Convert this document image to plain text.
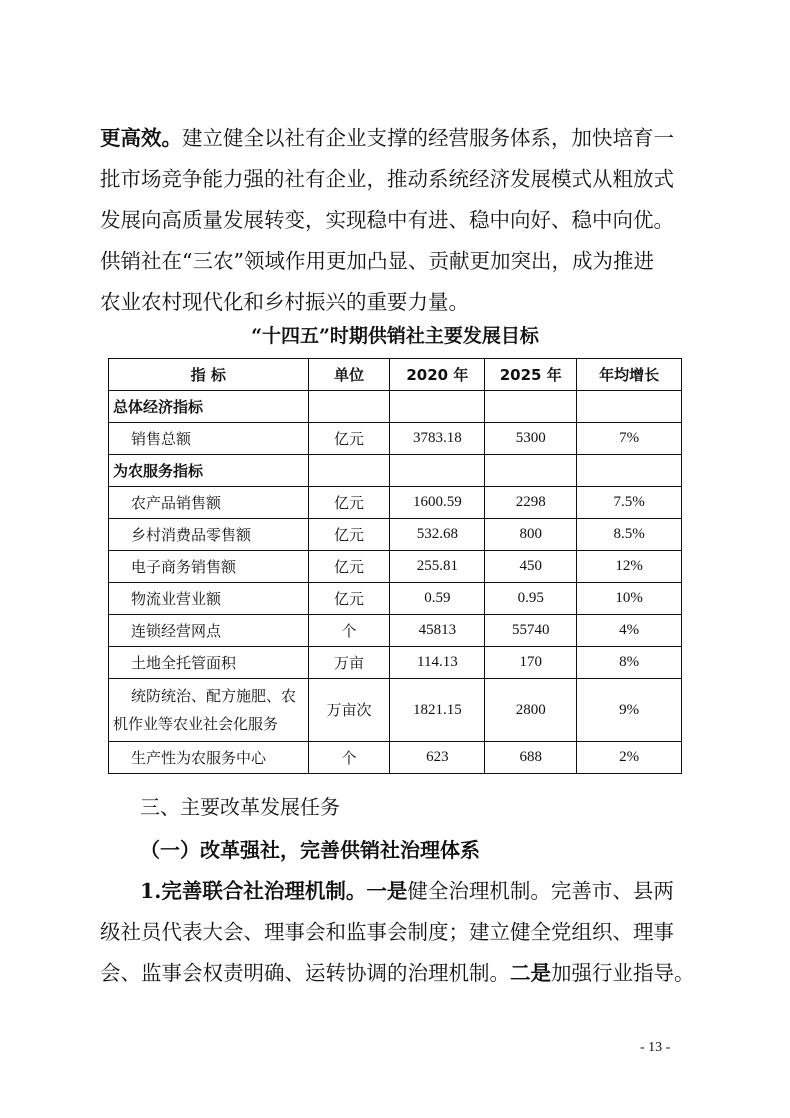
更高效。建立健全以社有企业支撑的经营服务体系，加快培育一
批市场竞争能力强的社有企业，推动系统经济发展模式从粗放式
发展向高质量发展转变，实现稳中有进、稳中向好、稳中向优。
供销社在“三农”领域作用更加凸显、贡献更加突出，成为推进
农业农村现代化和乡村振兴的重要力量。

“十四五”时期供销社主要发展目标
指 标	单位	2020 年	2025 年	年均增长
总体经济指标				
销售总额	亿元	3783.18	5300	7%
为农服务指标				
农产品销售额	亿元	1600.59	2298	7.5%
乡村消费品零售额	亿元	532.68	800	8.5%
电子商务销售额	亿元	255.81	450	12%
物流业营业额	亿元	0.59	0.95	10%
连锁经营网点	个	45813	55740	4%
土地全托管面积	万亩	114.13	170	8%
统防统治、配方施肥、农
机作业等农业社会化服务	万亩次	1821.15	2800	9%
生产性为农服务中心	个	623	688	2%
三、主要改革发展任务
（一）改革强社，完善供销社治理体系

1.完善联合社治理机制。一是健全治理机制。完善市、县两
级社员代表大会、理事会和监事会制度；建立健全党组织、理事
会、监事会权责明确、运转协调的治理机制。二是加强行业指导。

- 13 -
